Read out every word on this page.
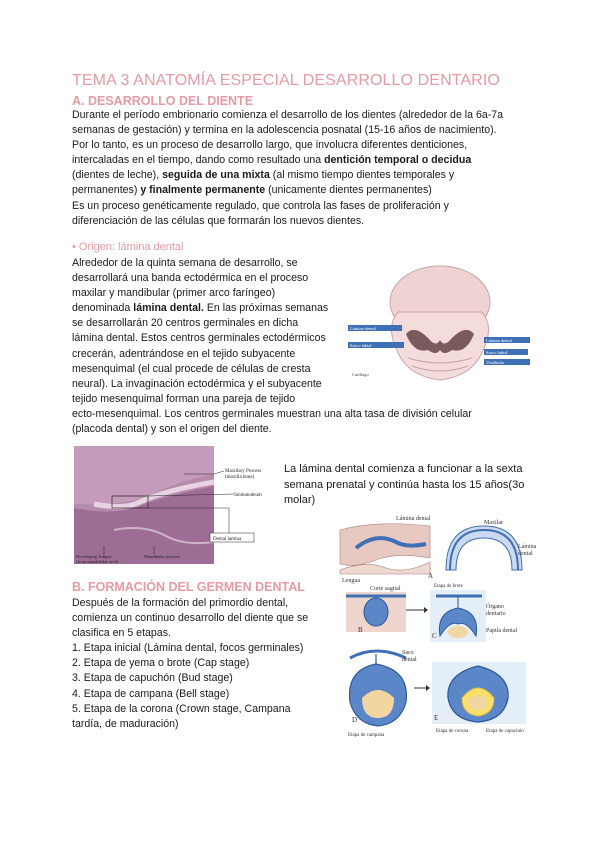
TEMA 3 ANATOMÍA ESPECIAL DESARROLLO DENTARIO
A. DESARROLLO DEL DIENTE
Durante el período embrionario comienza el desarrollo de los dientes (alrededor de la 6a-7a
semanas de gestación) y termina en la adolescencia posnatal (15-16 años de nacimiento).
Por lo tanto, es un proceso de desarrollo largo, que involucra diferentes denticiones,
intercaladas en el tiempo, dando como resultado una dentición temporal o decidua
(dientes de leche), seguida de una mixta (al mismo tiempo dientes temporales y
permanentes) y finalmente permanente (unicamente dientes permanentes)
Es un proceso genéticamente regulado, que controla las fases de proliferación y
diferenciación de las células que formarán los nuevos dientes.
• Origen: lámina dental
Alrededor de la quinta semana de desarrollo, se
desarrollará una banda ectodérmica en el proceso
maxilar y mandibular (primer arco faríngeo)
denominada lámina dental. En las próximas semanas
se desarrollarán 20 centros germinales en dicha
lámina dental. Estos centros germinales ectodérmicos
crecerán, adentrándose en el tejido subyacente
mesenquimal (el cual procede de células de cresta
neural). La invaginación ectodérmica y el subyacente
tejido mesenquimal forman una pareja de tejido
ecto-mesenquimal. Los centros germinales muestran una alta tasa de división celular
(placoda dental) y son el origen del diente.
Lámina dental
Surco labial
Lámina dental
Surco labial
Vestibular
Cartílago
Maxillary Process
(maxilla bone)
Stomatodeum
Dental lamina
Developing Tongue
(from mandibular arch)
Mandibular process
La lámina dental comienza a funcionar a la sexta
semana prenatal y continúa hasta los 15 años(3o
molar)
B. FORMACIÓN DEL GERMEN DENTAL
Después de la formación del primordio dental,
comienza un continuo desarrollo del diente que se
clasifica en 5 etapas.
1. Etapa inicial (Lámina dental, focos germinales)
2. Etapa de yema o brote (Cap stage)
3. Etapa de capuchón (Bud stage)
4. Etapa de campana (Bell stage)
5. Etapa de la corona (Crown stage, Campana
tardía, de maduración)
Lámina dental
Lengua
Corte sagital
A
Maxilar
Lámina
dental
B
C
Órgano
dentario
Papila dental
D
Saco
dental
E
Etapa de campana
Etapa de corona	Etapa de capuchón
Etapa de brote
